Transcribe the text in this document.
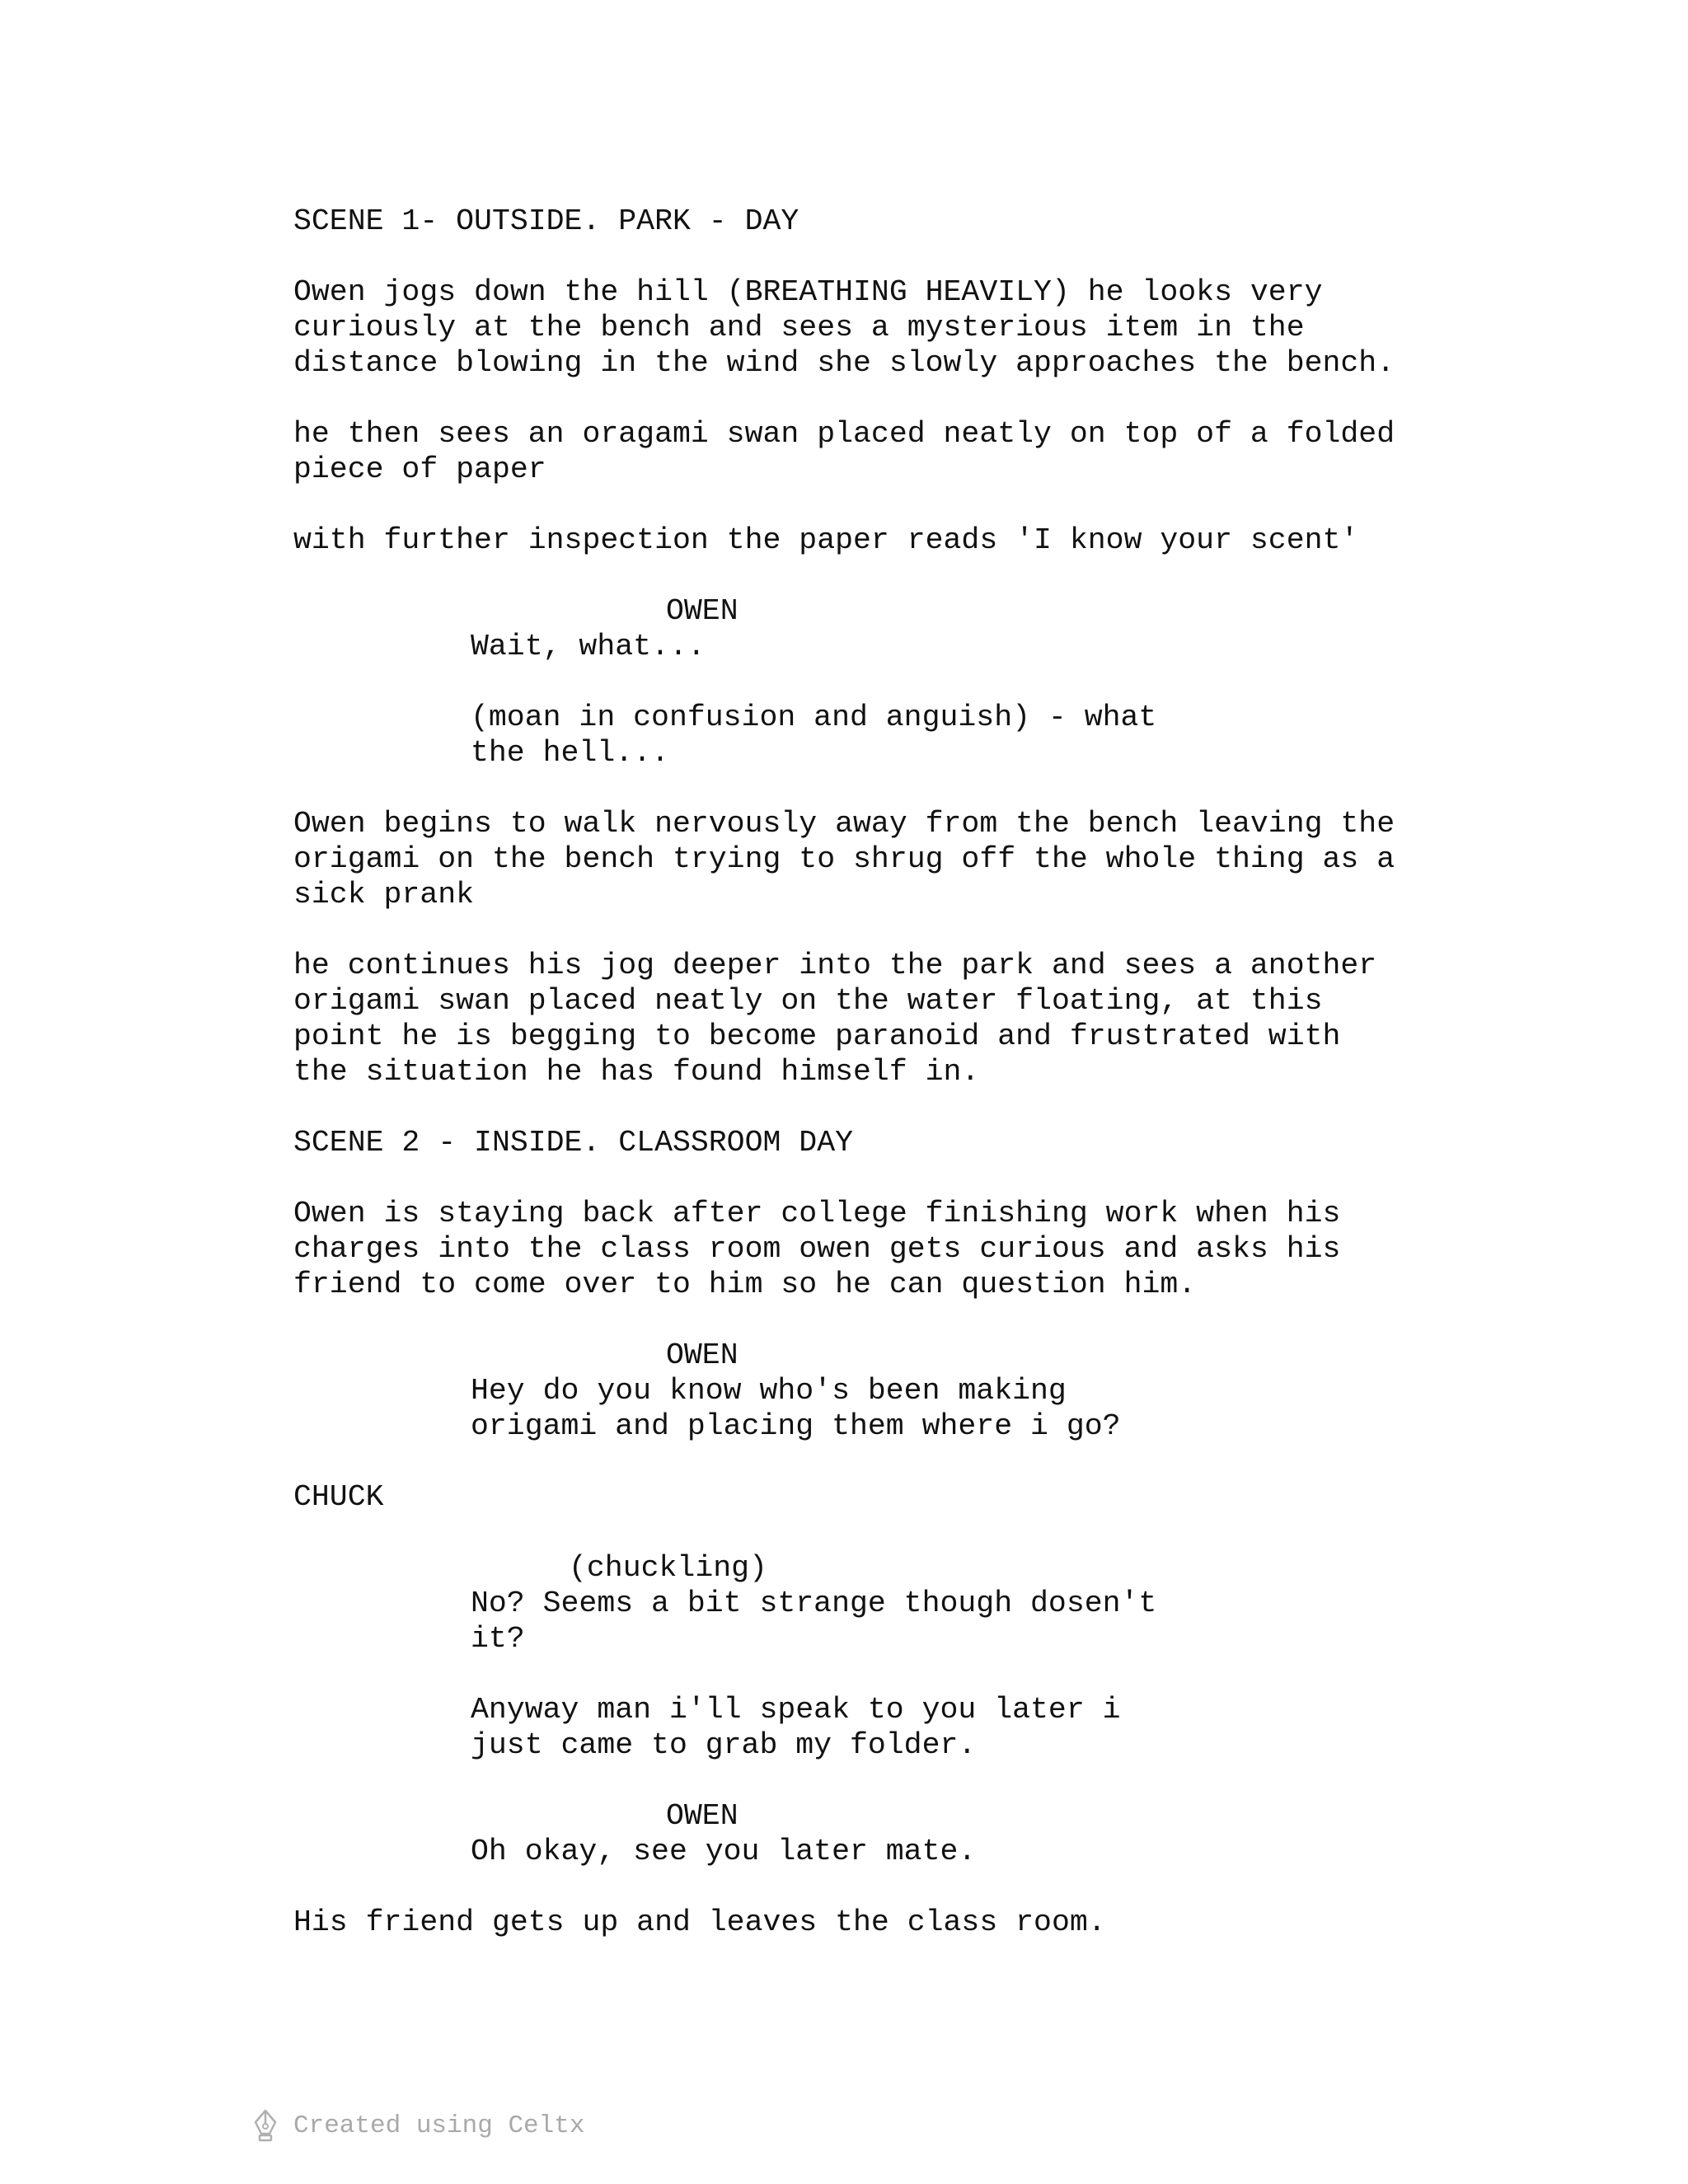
SCENE 1- OUTSIDE. PARK - DAY

Owen jogs down the hill (BREATHING HEAVILY) he looks very

curiously at the bench and sees a mysterious item in the

distance blowing in the wind she slowly approaches the bench.

he then sees an oragami swan placed neatly on top of a folded

piece of paper

with further inspection the paper reads 'I know your scent'

OWEN

Wait, what...

(moan in confusion and anguish) - what

the hell...

Owen begins to walk nervously away from the bench leaving the

origami on the bench trying to shrug off the whole thing as a

sick prank

he continues his jog deeper into the park and sees a another

origami swan placed neatly on the water floating, at this

point he is begging to become paranoid and frustrated with

the situation he has found himself in.

SCENE 2 - INSIDE. CLASSROOM DAY

Owen is staying back after college finishing work when his

charges into the class room owen gets curious and asks his

friend to come over to him so he can question him.

OWEN

Hey do you know who's been making

origami and placing them where i go?

CHUCK

(chuckling)

No? Seems a bit strange though dosen't

it?

Anyway man i'll speak to you later i

just came to grab my folder.

OWEN

Oh okay, see you later mate.

His friend gets up and leaves the class room.

Created using Celtx
